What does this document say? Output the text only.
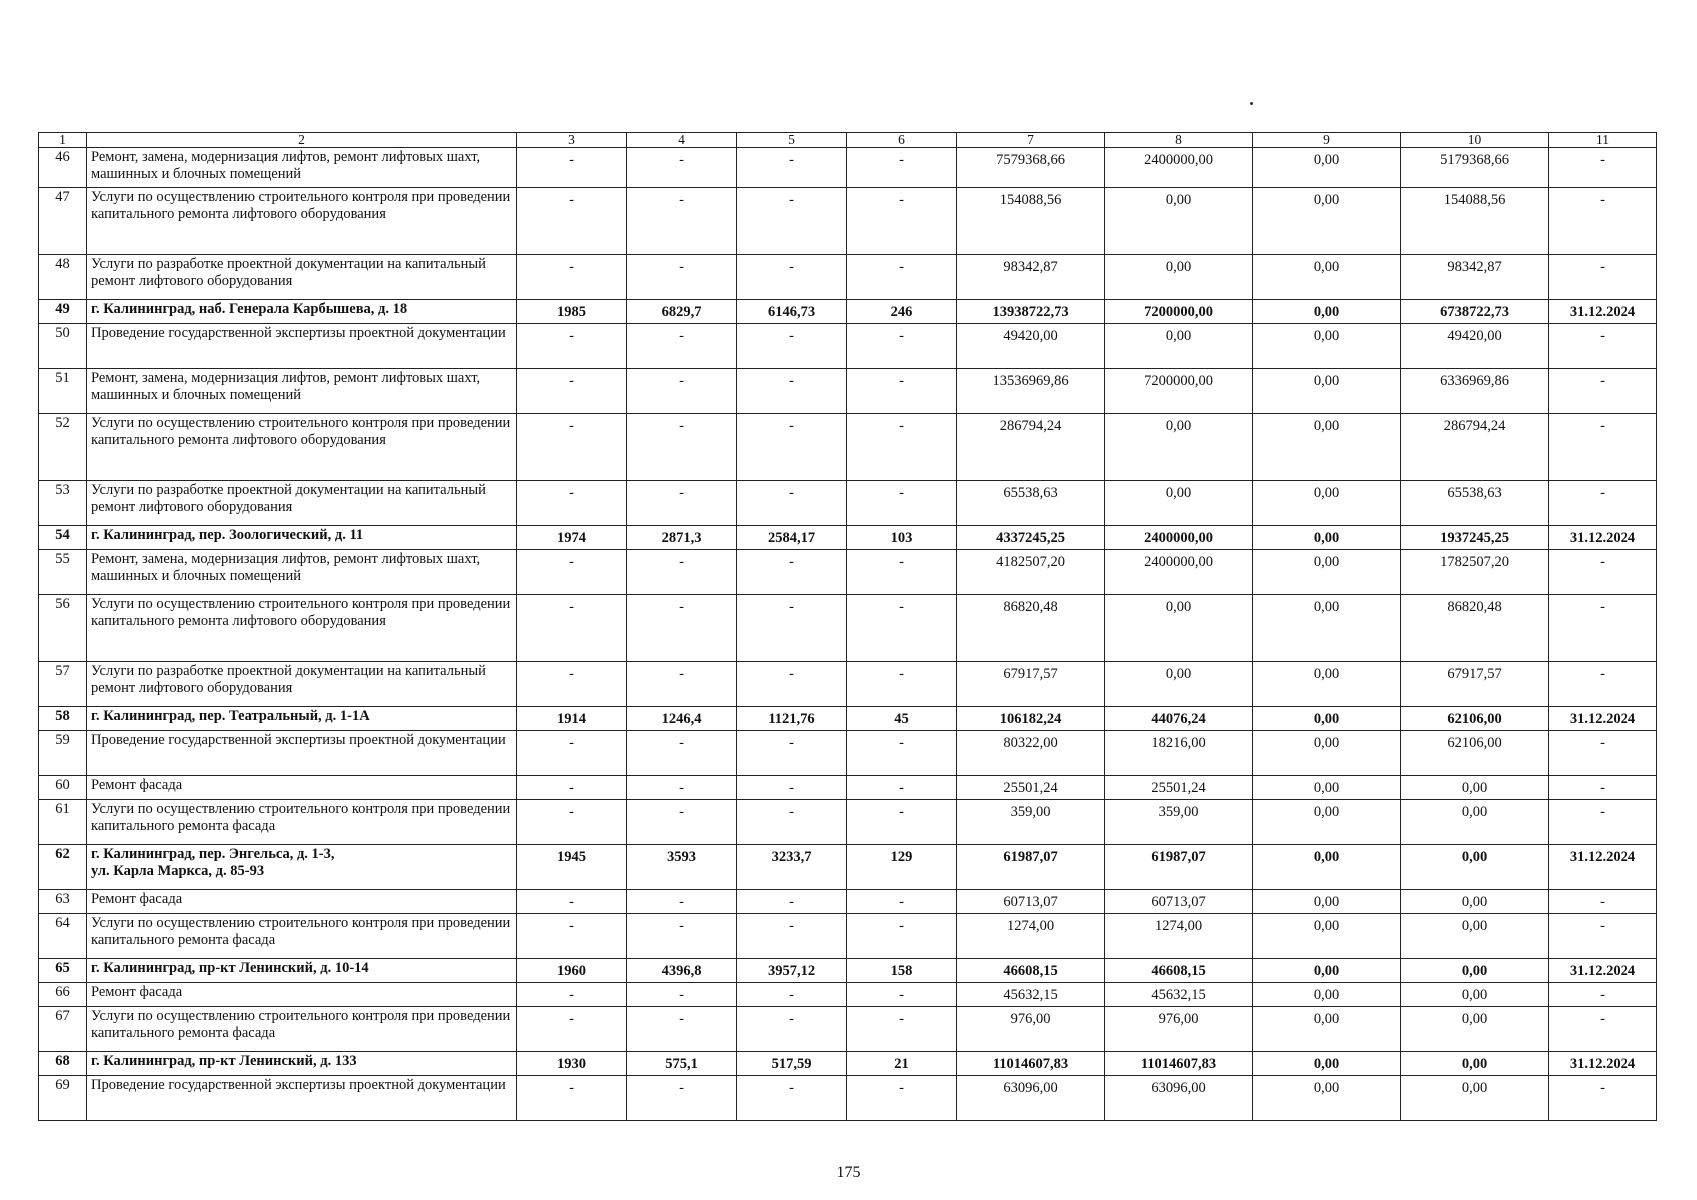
1	2	3	4	5	6	7	8	9	10	11
46	Ремонт, замена, модернизация лифтов, ремонт лифтовых шахт, машинных и блочных помещений	-	-	-	-	7579368,66	2400000,00	0,00	5179368,66	-
47	Услуги по осуществлению строительного контроля при проведении капитального ремонта лифтового оборудования	-	-	-	-	154088,56	0,00	0,00	154088,56	-
48	Услуги по разработке проектной документации на капитальный ремонт лифтового оборудования	-	-	-	-	98342,87	0,00	0,00	98342,87	-
49	г. Калининград, наб. Генерала Карбышева, д. 18	1985	6829,7	6146,73	246	13938722,73	7200000,00	0,00	6738722,73	31.12.2024
50	Проведение государственной экспертизы проектной документации	-	-	-	-	49420,00	0,00	0,00	49420,00	-
51	Ремонт, замена, модернизация лифтов, ремонт лифтовых шахт, машинных и блочных помещений	-	-	-	-	13536969,86	7200000,00	0,00	6336969,86	-
52	Услуги по осуществлению строительного контроля при проведении капитального ремонта лифтового оборудования	-	-	-	-	286794,24	0,00	0,00	286794,24	-
53	Услуги по разработке проектной документации на капитальный ремонт лифтового оборудования	-	-	-	-	65538,63	0,00	0,00	65538,63	-
54	г. Калининград, пер. Зоологический, д. 11	1974	2871,3	2584,17	103	4337245,25	2400000,00	0,00	1937245,25	31.12.2024
55	Ремонт, замена, модернизация лифтов, ремонт лифтовых шахт, машинных и блочных помещений	-	-	-	-	4182507,20	2400000,00	0,00	1782507,20	-
56	Услуги по осуществлению строительного контроля при проведении капитального ремонта лифтового оборудования	-	-	-	-	86820,48	0,00	0,00	86820,48	-
57	Услуги по разработке проектной документации на капитальный ремонт лифтового оборудования	-	-	-	-	67917,57	0,00	0,00	67917,57	-
58	г. Калининград, пер. Театральный, д. 1-1А	1914	1246,4	1121,76	45	106182,24	44076,24	0,00	62106,00	31.12.2024
59	Проведение государственной экспертизы проектной документации	-	-	-	-	80322,00	18216,00	0,00	62106,00	-
60	Ремонт фасада	-	-	-	-	25501,24	25501,24	0,00	0,00	-
61	Услуги по осуществлению строительного контроля при проведении капитального ремонта фасада	-	-	-	-	359,00	359,00	0,00	0,00	-
62	г. Калининград, пер. Энгельса, д. 1-3,
ул. Карла Маркса, д. 85-93	1945	3593	3233,7	129	61987,07	61987,07	0,00	0,00	31.12.2024
63	Ремонт фасада	-	-	-	-	60713,07	60713,07	0,00	0,00	-
64	Услуги по осуществлению строительного контроля при проведении капитального ремонта фасада	-	-	-	-	1274,00	1274,00	0,00	0,00	-
65	г. Калининград, пр-кт Ленинский, д. 10-14	1960	4396,8	3957,12	158	46608,15	46608,15	0,00	0,00	31.12.2024
66	Ремонт фасада	-	-	-	-	45632,15	45632,15	0,00	0,00	-
67	Услуги по осуществлению строительного контроля при проведении капитального ремонта фасада	-	-	-	-	976,00	976,00	0,00	0,00	-
68	г. Калининград, пр-кт Ленинский, д. 133	1930	575,1	517,59	21	11014607,83	11014607,83	0,00	0,00	31.12.2024
69	Проведение государственной экспертизы проектной документации	-	-	-	-	63096,00	63096,00	0,00	0,00	-
175
